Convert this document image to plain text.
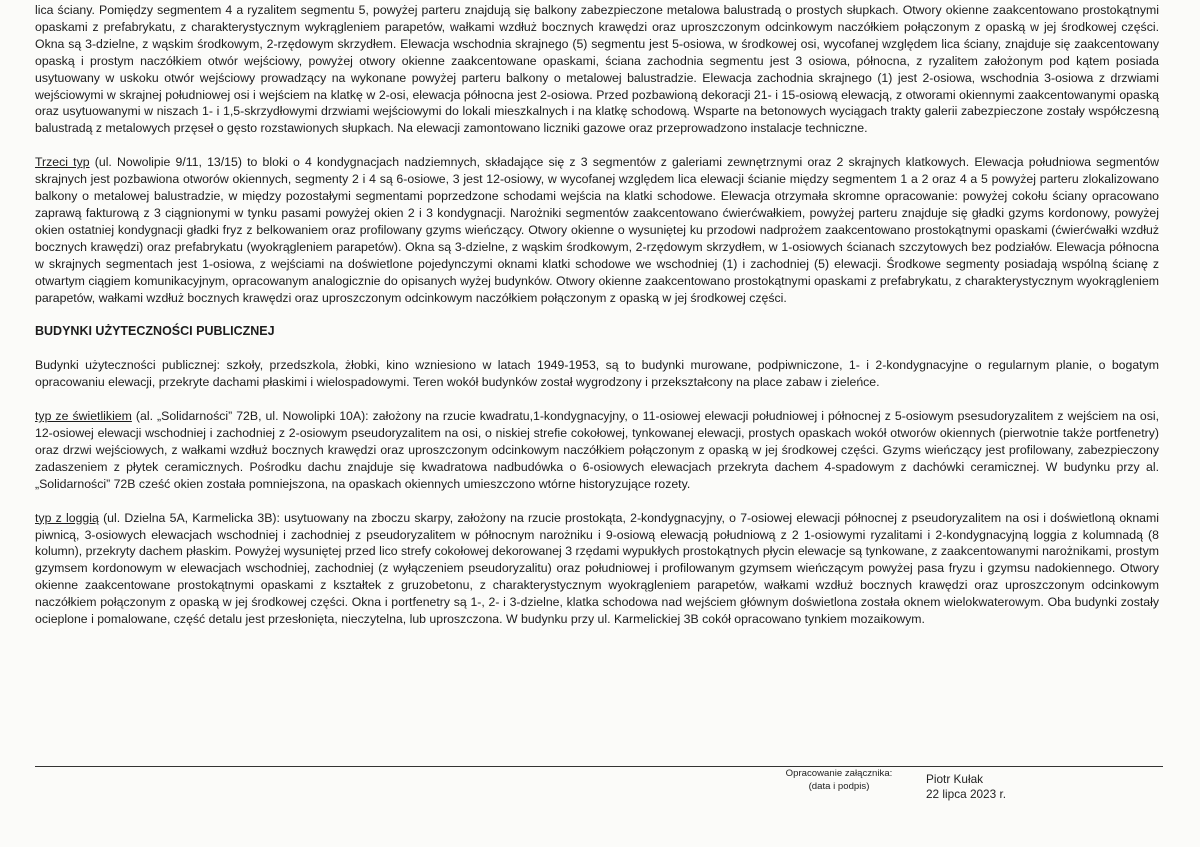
lica ściany. Pomiędzy segmentem 4 a ryzalitem segmentu 5, powyżej parteru znajdują się balkony zabezpieczone metalowa balustradą o prostych słupkach. Otwory okienne zaakcentowano prostokątnymi opaskami z prefabrykatu, z charakterystycznym wykrągleniem parapetów, wałkami wzdłuż bocznych krawędzi oraz uproszczonym odcinkowym naczółkiem połączonym z opaską w jej środkowej części. Okna są 3-dzielne, z wąskim środkowym, 2-rzędowym skrzydłem. Elewacja wschodnia skrajnego (5) segmentu jest 5-osiowa, w środkowej osi, wycofanej względem lica ściany, znajduje się zaakcentowany opaską i prostym naczółkiem otwór wejściowy, powyżej otwory okienne zaakcentowane opaskami, ściana zachodnia segmentu jest 3 osiowa, północna, z ryzalitem założonym pod kątem posiada usytuowany w uskoku otwór wejściowy prowadzący na wykonane powyżej parteru balkony o metalowej balustradzie. Elewacja zachodnia skrajnego (1) jest 2-osiowa, wschodnia 3-osiowa z drzwiami wejściowymi w skrajnej południowej osi i wejściem na klatkę w 2-osi, elewacja północna jest 2-osiowa. Przed pozbawioną dekoracji 21- i 15-osiową elewacją, z otworami okiennymi zaakcentowanymi opaską oraz usytuowanymi w niszach 1- i 1,5-skrzydłowymi drzwiami wejściowymi do lokali mieszkalnych i na klatkę schodową. Wsparte na betonowych wyciągach trakty galerii zabezpieczone zostały współczesną balustradą z metalowych przęseł o gęsto rozstawionych słupkach. Na elewacji zamontowano liczniki gazowe oraz przeprowadzono instalacje techniczne.

Trzeci typ (ul. Nowolipie 9/11, 13/15) to bloki o 4 kondygnacjach nadziemnych, składające się z 3 segmentów z galeriami zewnętrznymi oraz 2 skrajnych klatkowych. Elewacja południowa segmentów skrajnych jest pozbawiona otworów okiennych, segmenty 2 i 4 są 6-osiowe, 3 jest 12-osiowy, w wycofanej względem lica elewacji ścianie między segmentem 1 a 2 oraz 4 a 5 powyżej parteru zlokalizowano balkony o metalowej balustradzie, w między pozostałymi segmentami poprzedzone schodami wejścia na klatki schodowe. Elewacja otrzymała skromne opracowanie: powyżej cokołu ściany opracowano zaprawą fakturową z 3 ciągnionymi w tynku pasami powyżej okien 2 i 3 kondygnacji. Narożniki segmentów zaakcentowano ćwierćwałkiem, powyżej parteru znajduje się gładki gzyms kordonowy, powyżej okien ostatniej kondygnacji gładki fryz z belkowaniem oraz profilowany gzyms wieńczący. Otwory okienne o wysuniętej ku przodowi nadprożem zaakcentowano prostokątnymi opaskami (ćwierćwałki wzdłuż bocznych krawędzi) oraz prefabrykatu (wyokrągleniem parapetów). Okna są 3-dzielne, z wąskim środkowym, 2-rzędowym skrzydłem, w 1-osiowych ścianach szczytowych bez podziałów. Elewacja północna w skrajnych segmentach jest 1-osiowa, z wejściami na doświetlone pojedynczymi oknami klatki schodowe we wschodniej (1) i zachodniej (5) elewacji. Środkowe segmenty posiadają wspólną ścianę z otwartym ciągiem komunikacyjnym, opracowanym analogicznie do opisanych wyżej budynków. Otwory okienne zaakcentowano prostokątnymi opaskami z prefabrykatu, z charakterystycznym wyokrągleniem parapetów, wałkami wzdłuż bocznych krawędzi oraz uproszczonym odcinkowym naczółkiem połączonym z opaską w jej środkowej części.

BUDYNKI UŻYTECZNOŚCI PUBLICZNEJ

Budynki użyteczności publicznej: szkoły, przedszkola, żłobki, kino wzniesiono w latach 1949-1953, są to budynki murowane, podpiwniczone, 1- i 2-kondygnacyjne o regularnym planie, o bogatym opracowaniu elewacji, przekryte dachami płaskimi i wielospadowymi. Teren wokół budynków został wygrodzony i przekształcony na place zabaw i zieleńce.

typ ze świetlikiem (al. „Solidarności” 72B, ul. Nowolipki 10A): założony na rzucie kwadratu,1-kondygnacyjny, o 11-osiowej elewacji południowej i północnej z 5-osiowym psesudoryzalitem z wejściem na osi, 12-osiowej elewacji wschodniej i zachodniej z 2-osiowym pseudoryzalitem na osi, o niskiej strefie cokołowej, tynkowanej elewacji, prostych opaskach wokół otworów okiennych (pierwotnie także portfenetry) oraz drzwi wejściowych, z wałkami wzdłuż bocznych krawędzi oraz uproszczonym odcinkowym naczółkiem połączonym z opaską w jej środkowej części. Gzyms wieńczący jest profilowany, zabezpieczony zadaszeniem z płytek ceramicznych. Pośrodku dachu znajduje się kwadratowa nadbudówka o 6-osiowych elewacjach przekryta dachem 4-spadowym z dachówki ceramicznej. W budynku przy al. „Solidarności” 72B cześć okien została pomniejszona, na opaskach okiennych umieszczono wtórne historyzujące rozety.

typ z loggią (ul. Dzielna 5A, Karmelicka 3B): usytuowany na zboczu skarpy, założony na rzucie prostokąta, 2-kondygnacyjny, o 7-osiowej elewacji północnej z pseudoryzalitem na osi i doświetloną oknami piwnicą, 3-osiowych elewacjach wschodniej i zachodniej z pseudoryzalitem w północnym narożniku i 9-osiową elewacją południową z 2 1-osiowymi ryzalitami i 2-kondygnacyjną loggia z kolumnadą (8 kolumn), przekryty dachem płaskim. Powyżej wysuniętej przed lico strefy cokołowej dekorowanej 3 rzędami wypukłych prostokątnych płycin elewacje są tynkowane, z zaakcentowanymi narożnikami, prostym gzymsem kordonowym w elewacjach wschodniej, zachodniej (z wyłączeniem pseudoryzalitu) oraz południowej i profilowanym gzymsem wieńczącym powyżej pasa fryzu i gzymsu nadokiennego. Otwory okienne zaakcentowane prostokątnymi opaskami z kształtek z gruzobetonu, z charakterystycznym wyokrągleniem parapetów, wałkami wzdłuż bocznych krawędzi oraz uproszczonym odcinkowym naczółkiem połączonym z opaską w jej środkowej części. Okna i portfenetry są 1-, 2- i 3-dzielne, klatka schodowa nad wejściem głównym doświetlona została oknem wielokwaterowym. Oba budynki zostały ocieplone i pomalowane, część detalu jest przesłonięta, nieczytelna, lub uproszczona. W budynku przy ul. Karmelickiej 3B cokół opracowano tynkiem mozaikowym.

Opracowanie załącznika:
(data i podpis)	Piotr Kułak
22 lipca 2023 r.
